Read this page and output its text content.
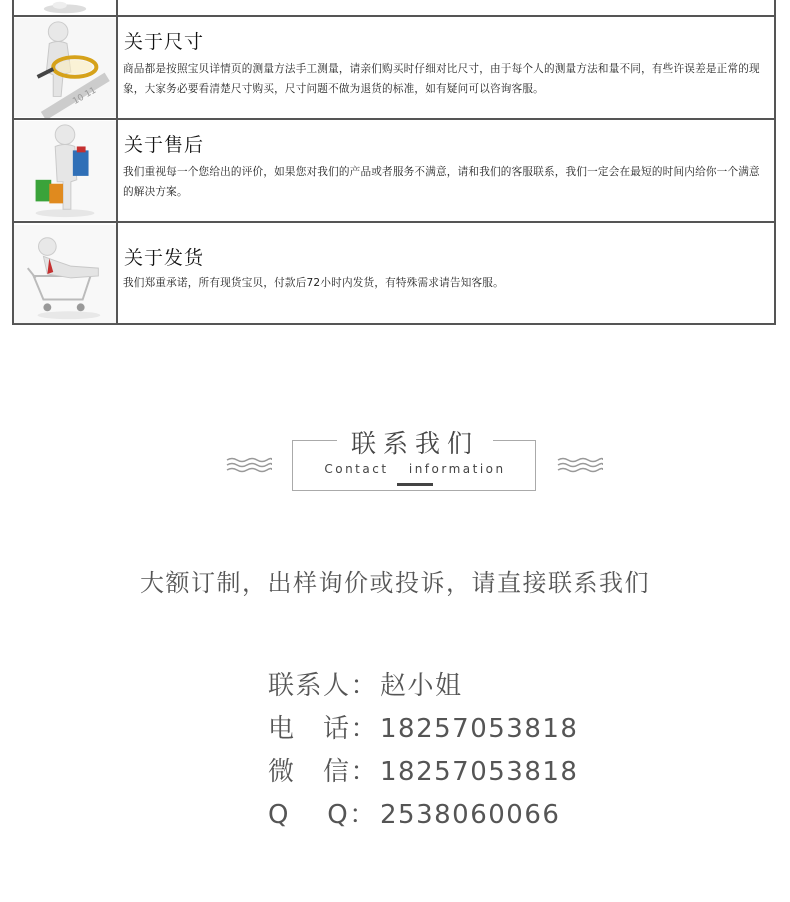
10 11
关于尺寸
商品都是按照宝贝详情页的测量方法手工测量，请亲们购买时仔细对比尺寸，由于每个人的测量方法和量不同，有些许误差是正常的现象，大家务必要看清楚尺寸购买，尺寸问题不做为退货的标准，如有疑问可以咨询客服。
关于售后
我们重视每一个您给出的评价，如果您对我们的产品或者服务不满意，请和我们的客服联系，我们一定会在最短的时间内给你一个满意的解决方案。
关于发货
我们郑重承诺，所有现货宝贝，付款后72小时内发货，有特殊需求请告知客服。
联系我们
Contact information
大额订制，出样询价或投诉，请直接联系我们
联系人：赵小姐
电　话：18257053818
微　信：18257053818
Q　 Q： 2538060066
